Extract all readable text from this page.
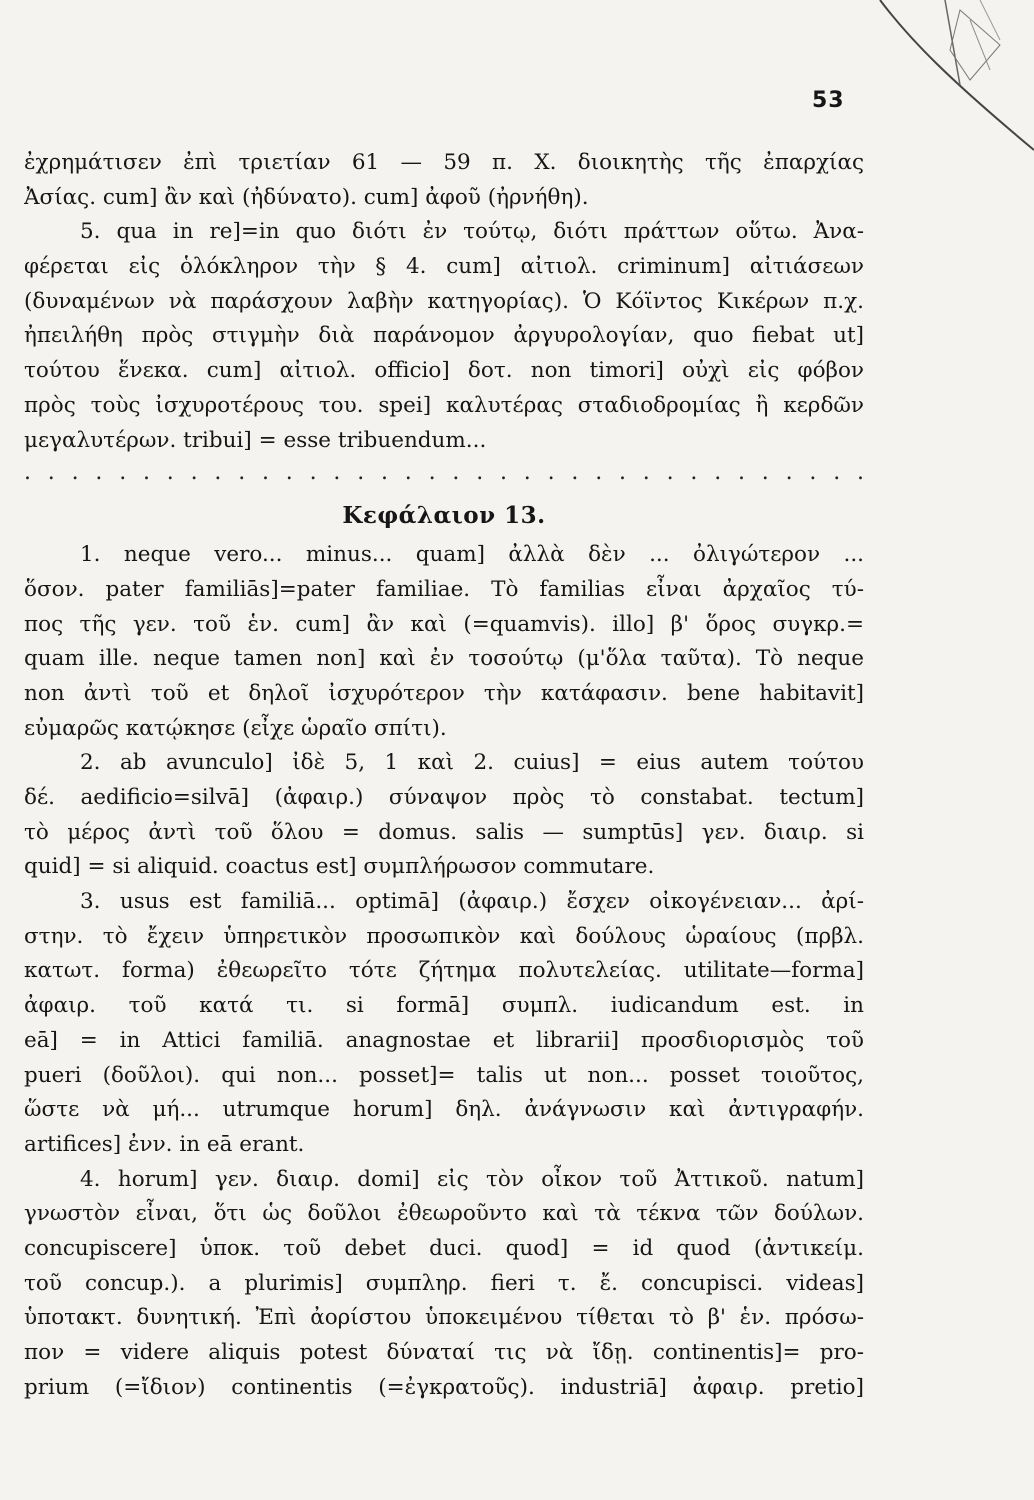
53
ἐχρημάτισεν ἐπὶ τριετίαν 61 — 59 π. X. διοικητὴς τῆς ἐπαρχίας
Ἀσίας. cum] ἂν καὶ (ἠδύνατο). cum] ἀφοῦ (ἠρνήθη).
5. qua in re]=in quo διότι ἐν τούτῳ, διότι πράττων οὕτω. Ἀνα-
φέρεται εἰς ὁλόκληρον τὴν § 4. cum] αἰτιολ. criminum] αἰτιάσεων
(δυναμένων νὰ παράσχουν λαβὴν κατηγορίας). Ὁ Κόϊντος Κικέρων π.χ.
ἠπειλήθη πρὸς στιγμὴν διὰ παράνομον ἀργυρολογίαν, quo fiebat ut]
τούτου ἕνεκα. cum] αἰτιολ. officio] δοτ. non timori] οὐχὶ εἰς φόβον
πρὸς τοὺς ἰσχυροτέρους του. spei] καλυτέρας σταδιοδρομίας ἢ κερδῶν
μεγαλυτέρων. tribui] = esse tribuendum...
. . . . . . . . . . . . . . . . . . . . . . . . . . . . . . . . . . . .
Κεφάλαιον 13.
1. neque vero... minus... quam] ἀλλὰ δὲν ... ὀλιγώτερον ...
ὅσον. pater familiās]=pater familiae. Τὸ familias εἶναι ἀρχαῖος τύ-
πος τῆς γεν. τοῦ ἑν. cum] ἂν καὶ (=quamvis). illo] β' ὅρος συγκρ.=
quam ille. neque tamen non] καὶ ἐν τοσούτῳ (μ'ὅλα ταῦτα). Τὸ neque
non ἀντὶ τοῦ et δηλοῖ ἰσχυρότερον τὴν κατάφασιν. bene habitavit]
εὐμαρῶς κατῴκησε (εἶχε ὡραῖο σπίτι).
2. ab avunculo] ἰδὲ 5, 1 καὶ 2. cuius] = eius autem τούτου
δέ. aedificio=silvā] (ἀφαιρ.) σύναψον πρὸς τὸ constabat. tectum]
τὸ μέρος ἀντὶ τοῦ ὅλου = domus. salis — sumptūs] γεν. διαιρ. si
quid] = si aliquid. coactus est] συμπλήρωσον commutare.
3. usus est familiā... optimā] (ἀφαιρ.) ἔσχεν οἰκογένειαν... ἀρί-
στην. τὸ ἔχειν ὑπηρετικὸν προσωπικὸν καὶ δούλους ὡραίους (πρβλ.
κατωτ. forma) ἐθεωρεῖτο τότε ζήτημα πολυτελείας. utilitate—forma]
ἀφαιρ. τοῦ κατά τι. si formā] συμπλ. iudicandum est. in
eā] = in Attici familiā. anagnostae et librarii] προσδιορισμὸς τοῦ
pueri (δοῦλοι). qui non... posset]= talis ut non... posset τοιοῦτος,
ὥστε νὰ μή... utrumque horum] δηλ. ἀνάγνωσιν καὶ ἀντιγραφήν.
artifices] ἐνν. in eā erant.
4. horum] γεν. διαιρ. domi] εἰς τὸν οἶκον τοῦ Ἀττικοῦ. natum]
γνωστὸν εἶναι, ὅτι ὡς δοῦλοι ἐθεωροῦντο καὶ τὰ τέκνα τῶν δούλων.
concupiscere] ὑποκ. τοῦ debet duci. quod] = id quod (ἀντικείμ.
τοῦ concup.). a plurimis] συμπληρ. fieri τ. ἔ. concupisci. videas]
ὑποτακτ. δυνητική. Ἐπὶ ἀορίστου ὑποκειμένου τίθεται τὸ β' ἑν. πρόσω-
πον = videre aliquis potest δύναταί τις νὰ ἴδῃ. continentis]= pro-
prium (=ἴδιον) continentis (=ἐγκρατοῦς). industriā] ἀφαιρ. pretio]
